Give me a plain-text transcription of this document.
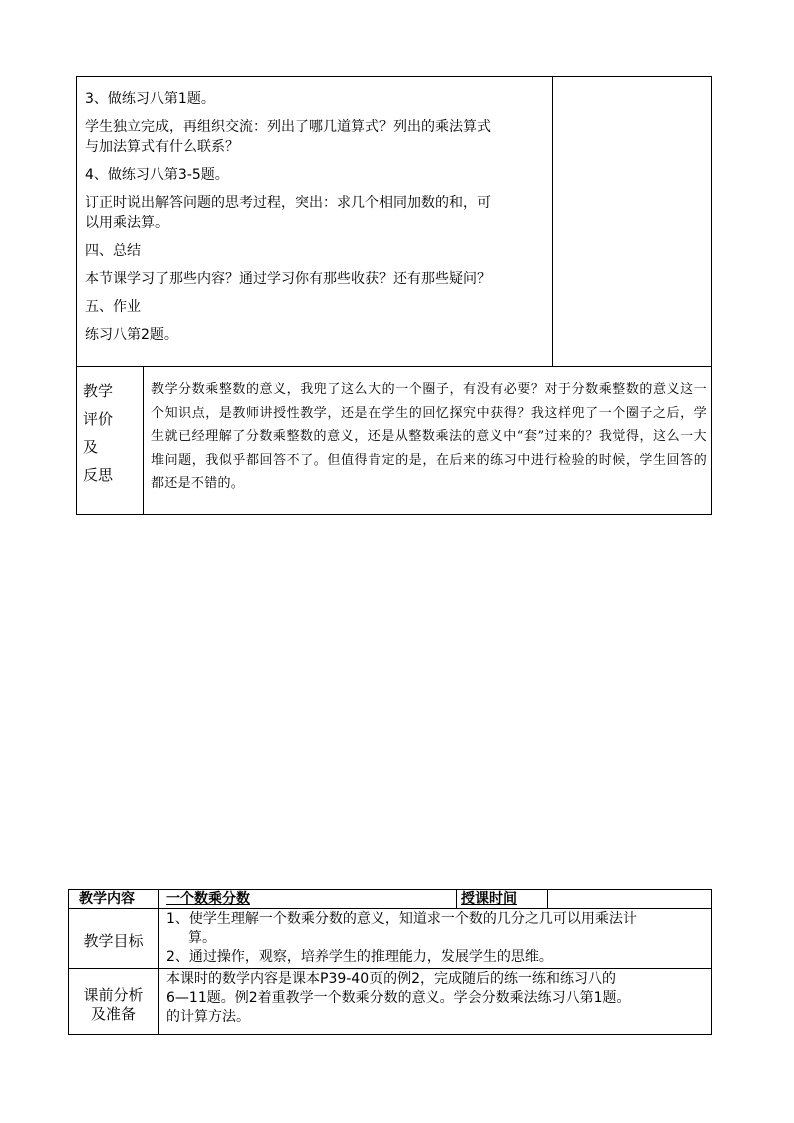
3、做练习八第1题。

学生独立完成，再组织交流：列出了哪几道算式？列出的乘法算式

与加法算式有什么联系？

4、做练习八第3-5题。

订正时说出解答问题的思考过程，突出：求几个相同加数的和，可

以用乘法算。

四、总结

本节课学习了那些内容？通过学习你有那些收获？还有那些疑问？

五、作业

练习八第2题。

教学
评价
及
反思
教学分数乘整数的意义，我兜了这么大的一个圈子，有没有必要？对于分数乘整数的意义这一个知识点，是教师讲授性教学，还是在学生的回忆探究中获得？我这样兜了一个圈子之后，学生就已经理解了分数乘整数的意义，还是从整数乘法的意义中“套”过来的？我觉得，这么一大堆问题，我似乎都回答不了。但值得肯定的是，在后来的练习中进行检验的时候，学生回答的都还是不错的。
教学内容 一个数乘分数	授课时间
教学目标

1、使学生理解一个数乘分数的意义，知道求一个数的几分之几可以用乘法计

算。

2、通过操作，观察，培养学生的推理能力，发展学生的思维。

课前分析
及准备
本课时的数学内容是课本P39-40页的例2，完成随后的练一练和练习八的
6—11题。例2着重教学一个数乘分数的意义。学会分数乘法练习八第1题。
的计算方法。
